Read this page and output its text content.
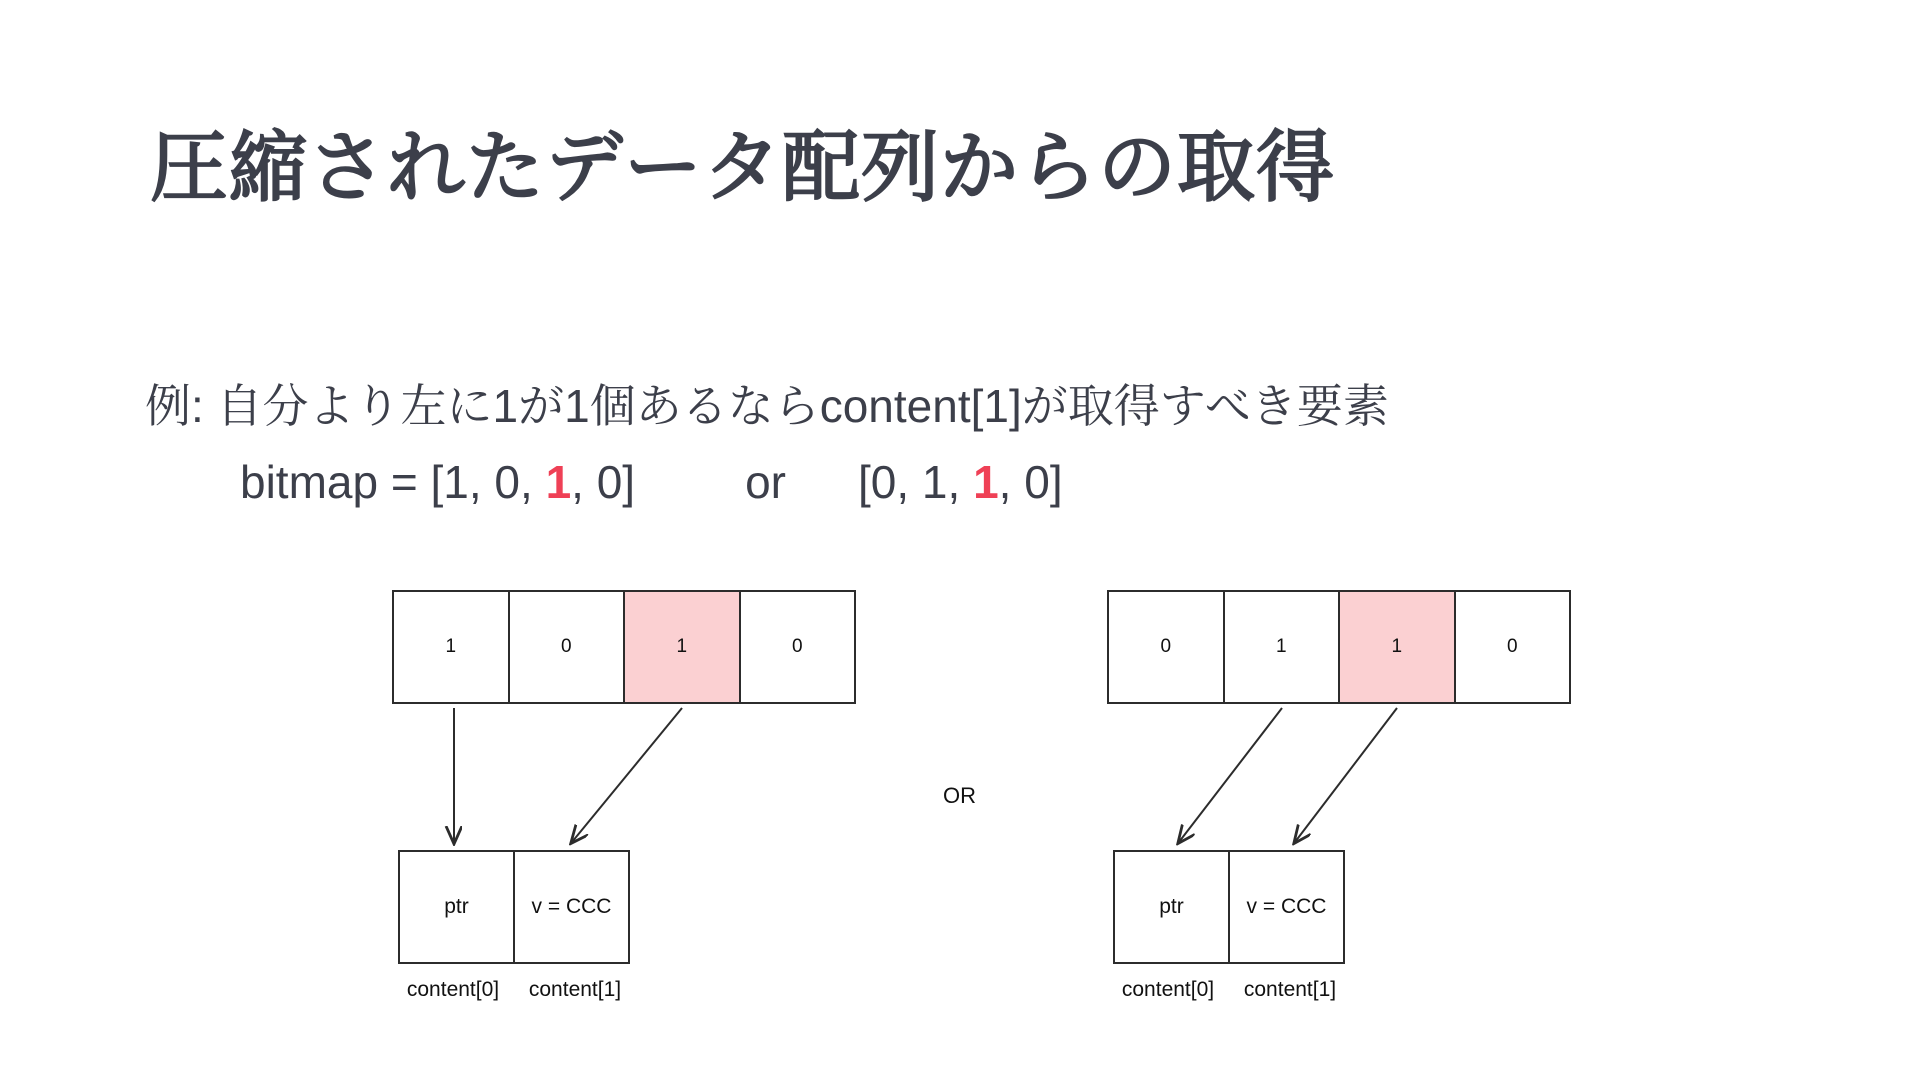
圧縮されたデータ配列からの取得
例: 自分より左に1が1個あるならcontent[1]が取得すべき要素
bitmap = [1, 0, 1, 0] or [0, 1, 1, 0]
1	0	1	0
ptr	v = CCC
content[0]	content[1]
0	1	1	0
ptr	v = CCC
content[0]	content[1]
OR
